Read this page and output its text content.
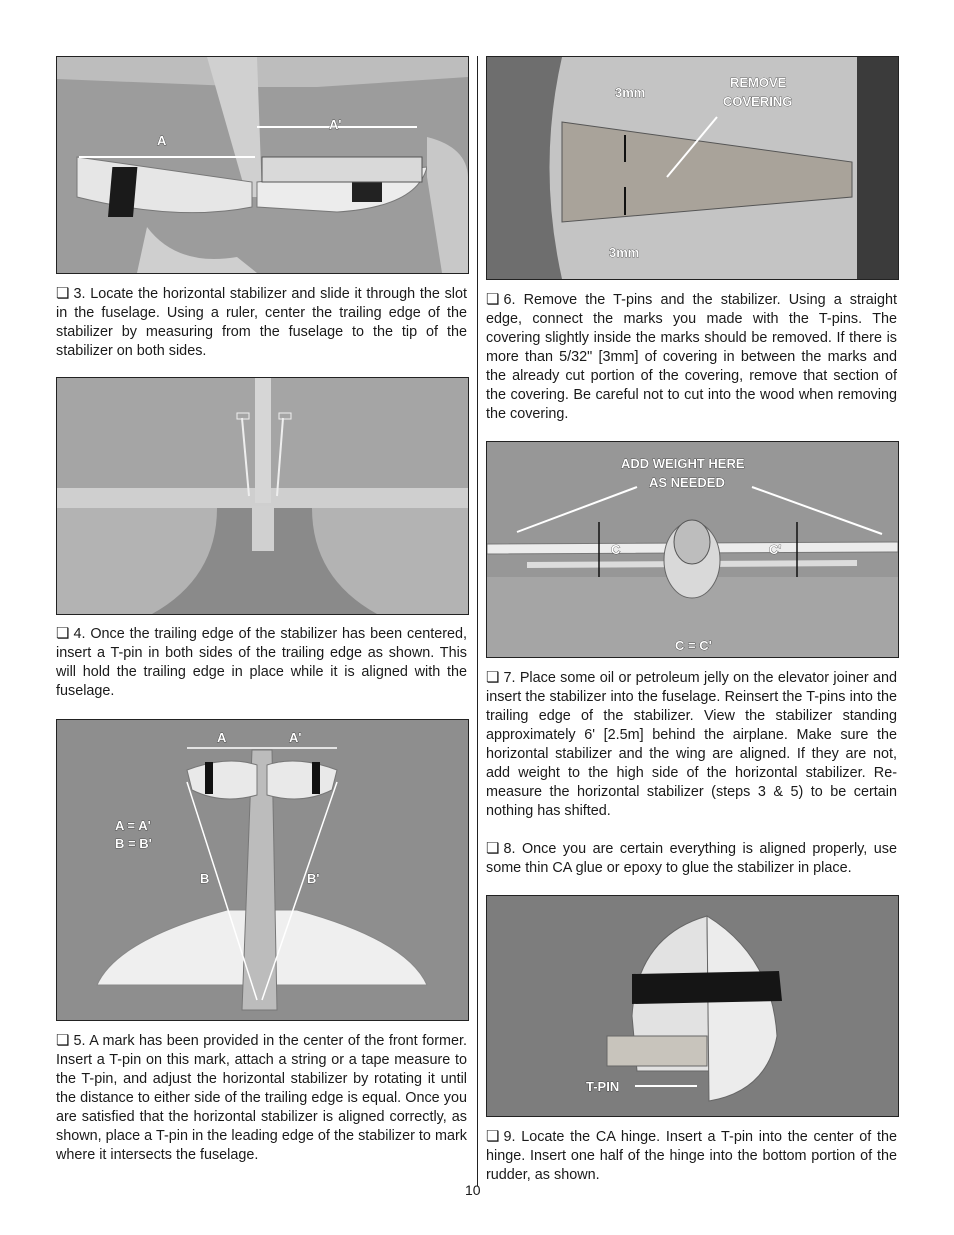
A
A'

❏ 3. Locate the horizontal stabilizer and slide it through the slot in the fuselage. Using a ruler, center the trailing edge of the stabilizer by measuring from the fuselage to the tip of the stabilizer on both sides.

❏ 4. Once the trailing edge of the stabilizer has been centered, insert a T-pin in both sides of the trailing edge as shown. This will hold the trailing edge in place while it is aligned with the fuselage.

A	A'
A = A'
B = B'
B	B'

❏ 5. A mark has been provided in the center of the front former. Insert a T-pin on this mark, attach a string or a tape measure to the T-pin, and adjust the horizontal stabilizer by rotating it until the distance to either side of the trailing edge is equal. Once you are satisfied that the horizontal stabilizer is aligned correctly, as shown, place a T-pin in the leading edge of the stabilizer to mark where it intersects the fuselage.

3mm
3mm
REMOVE
COVERING

❏ 6. Remove the T-pins and the stabilizer. Using a straight edge, connect the marks you made with the T-pins. The covering slightly inside the marks should be removed. If there is more than 5/32" [3mm] of covering in between the marks and the already cut portion of the covering, remove that section of the covering. Be careful not to cut into the wood when removing the covering.

ADD WEIGHT HERE
AS NEEDED
C	C'
C = C'

❏ 7. Place some oil or petroleum jelly on the elevator joiner and insert the stabilizer into the fuselage. Reinsert the T-pins into the trailing edge of the stabilizer. View the stabilizer standing approximately 6' [2.5m] behind the airplane. Make sure the horizontal stabilizer and the wing are aligned. If they are not, add weight to the high side of the horizontal stabilizer. Re-measure the horizontal stabilizer (steps 3 & 5) to be certain nothing has shifted.

❏ 8. Once you are certain everything is aligned properly, use some thin CA glue or epoxy to glue the stabilizer in place.

T-PIN

❏ 9. Locate the CA hinge. Insert a T-pin into the center of the hinge. Insert one half of the hinge into the bottom portion of the rudder, as shown.

10
